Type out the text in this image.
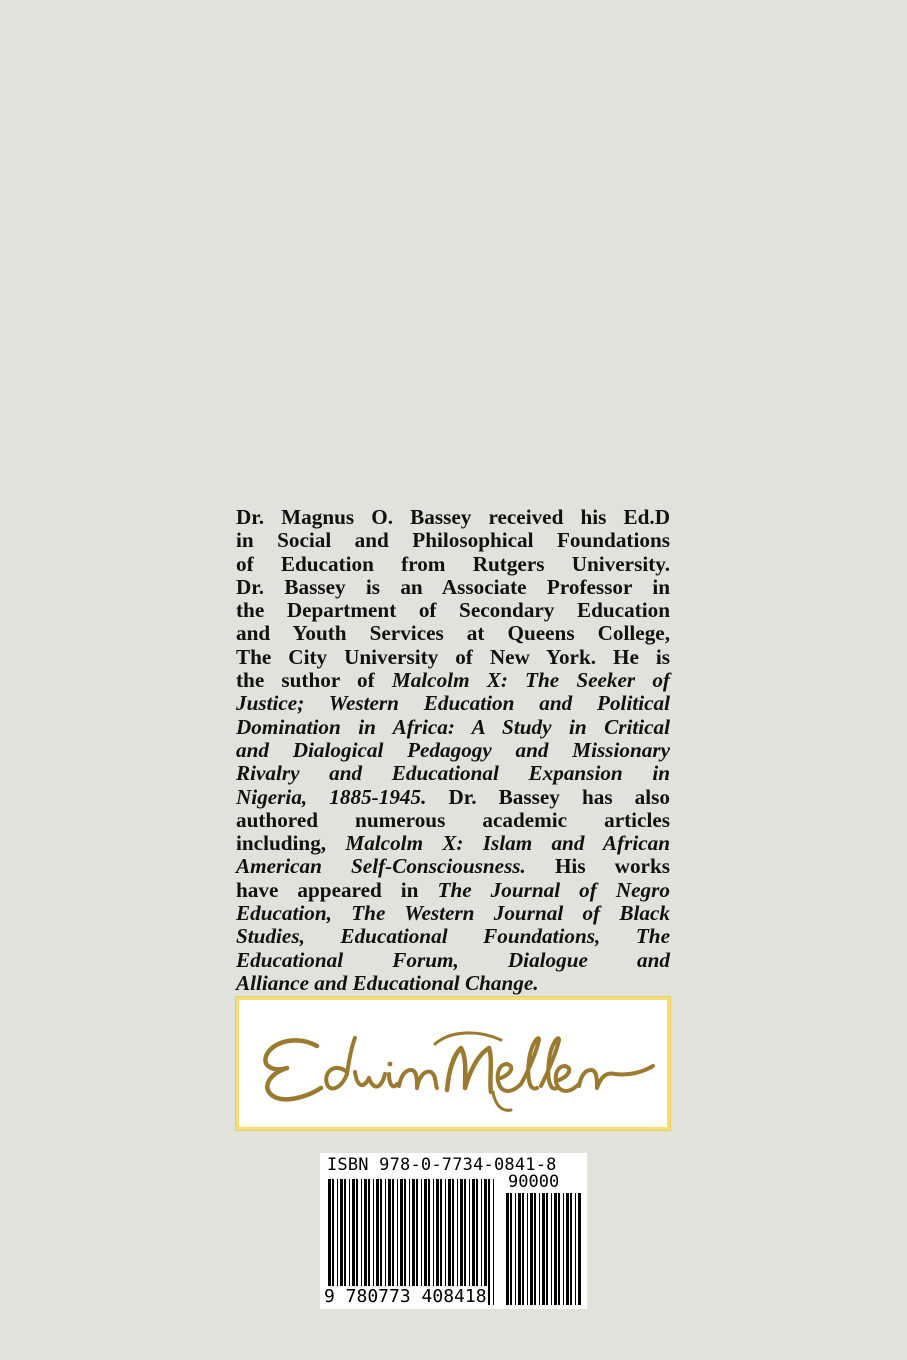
Dr. Magnus O. Bassey received his Ed.D
in Social and Philosophical Foundations
of Education from Rutgers University.
Dr. Bassey is an Associate Professor in
the Department of Secondary Education
and Youth Services at Queens College,
The City University of New York. He is
the suthor of Malcolm X: The Seeker of
Justice; Western Education and Political
Domination in Africa: A Study in Critical
and Dialogical Pedagogy and Missionary
Rivalry and Educational Expansion in
Nigeria, 1885-1945. Dr. Bassey has also
authored numerous academic articles
including, Malcolm X: Islam and African
American Self-Consciousness. His works
have appeared in The Journal of Negro
Education, The Western Journal of Black
Studies, Educational Foundations, The
Educational Forum, Dialogue and
Alliance and Educational Change.
ISBN 978-0-7734-0841-8
90000
9 780773 408418
